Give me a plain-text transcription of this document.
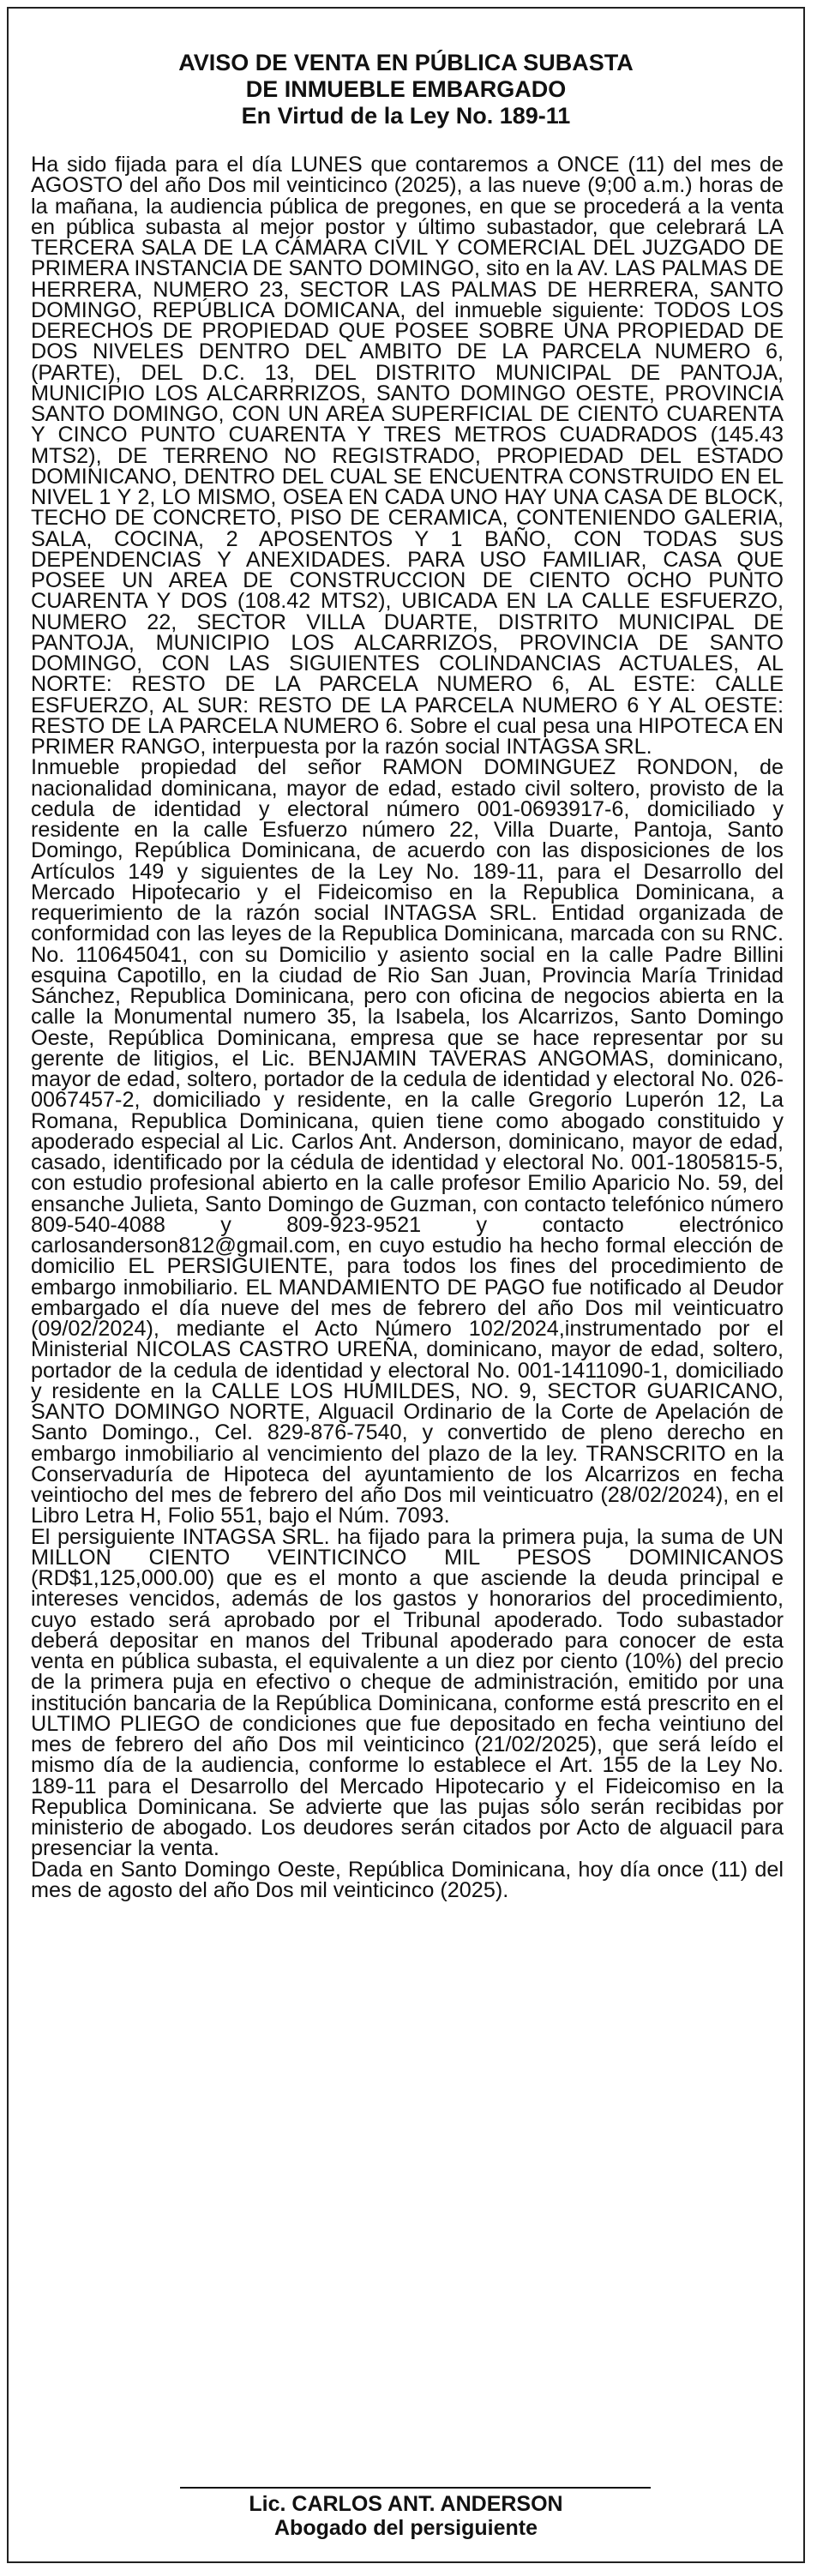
AVISO DE VENTA EN PÚBLICA SUBASTA
DE INMUEBLE EMBARGADO
En Virtud de la Ley No. 189-11

Ha sido fijada para el día LUNES que contaremos a ONCE (11) del mes de AGOSTO del año Dos mil veinticinco (2025), a las nueve (9;00 a.m.) horas de la mañana, la audiencia pública de pregones, en que se procederá a la venta en pública subasta al mejor postor y último subastador, que celebrará LA TERCERA SALA DE LA CÁMARA CIVIL Y COMERCIAL DEL JUZGADO DE PRIMERA INSTANCIA DE SANTO DOMINGO, sito en la AV. LAS PALMAS DE HERRERA, NUMERO 23, SECTOR LAS PALMAS DE HERRERA, SANTO DOMINGO, REPÚBLICA DOMICANA, del inmueble siguiente: TODOS LOS DERECHOS DE PROPIEDAD QUE POSEE SOBRE UNA PROPIEDAD DE DOS NIVELES DENTRO DEL AMBITO DE LA PARCELA NUMERO 6, (PARTE), DEL D.C. 13, DEL DISTRITO MUNICIPAL DE PANTOJA, MUNICIPIO LOS ALCARRRIZOS, SANTO DOMINGO OESTE, PROVINCIA SANTO DOMINGO, CON UN AREA SUPERFICIAL DE CIENTO CUARENTA Y CINCO PUNTO CUARENTA Y TRES METROS CUADRADOS (145.43 MTS2), DE TERRENO NO REGISTRADO, PROPIEDAD DEL ESTADO DOMINICANO, DENTRO DEL CUAL SE ENCUENTRA CONSTRUIDO EN EL NIVEL 1 Y 2, LO MISMO, OSEA EN CADA UNO HAY UNA CASA DE BLOCK, TECHO DE CONCRETO, PISO DE CERAMICA, CONTENIENDO GALERIA, SALA, COCINA, 2 APOSENTOS Y 1 BAÑO, CON TODAS SUS DEPENDENCIAS Y ANEXIDADES. PARA USO FAMILIAR, CASA QUE POSEE UN AREA DE CONSTRUCCION DE CIENTO OCHO PUNTO CUARENTA Y DOS (108.42 MTS2), UBICADA EN LA CALLE ESFUERZO, NUMERO 22, SECTOR VILLA DUARTE, DISTRITO MUNICIPAL DE PANTOJA, MUNICIPIO LOS ALCARRIZOS, PROVINCIA DE SANTO DOMINGO, CON LAS SIGUIENTES COLINDANCIAS ACTUALES, AL NORTE: RESTO DE LA PARCELA NUMERO 6, AL ESTE: CALLE ESFUERZO, AL SUR: RESTO DE LA PARCELA NUMERO 6 Y AL OESTE: RESTO DE LA PARCELA NUMERO 6. Sobre el cual pesa una HIPOTECA EN PRIMER RANGO, interpuesta por la razón social INTAGSA SRL.

Inmueble propiedad del señor RAMON DOMINGUEZ RONDON, de nacionalidad dominicana, mayor de edad, estado civil soltero, provisto de la cedula de identidad y electoral número 001-0693917-6, domiciliado y residente en la calle Esfuerzo número 22, Villa Duarte, Pantoja, Santo Domingo, República Dominicana, de acuerdo con las disposiciones de los Artículos 149 y siguientes de la Ley No. 189-11, para el Desarrollo del Mercado Hipotecario y el Fideicomiso en la Republica Dominicana, a requerimiento de la razón social INTAGSA SRL. Entidad organizada de conformidad con las leyes de la Republica Dominicana, marcada con su RNC. No. 110645041, con su Domicilio y asiento social en la calle Padre Billini esquina Capotillo, en la ciudad de Rio San Juan, Provincia María Trinidad Sánchez, Republica Dominicana, pero con oficina de negocios abierta en la calle la Monumental numero 35, la Isabela, los Alcarrizos, Santo Domingo Oeste, República Dominicana, empresa que se hace representar por su gerente de litigios, el Lic. BENJAMIN TAVERAS ANGOMAS, dominicano, mayor de edad, soltero, portador de la cedula de identidad y electoral No. 026-0067457-2, domiciliado y residente, en la calle Gregorio Luperón 12, La Romana, Republica Dominicana, quien tiene como abogado constituido y apoderado especial al Lic. Carlos Ant. Anderson, dominicano, mayor de edad, casado, identificado por la cédula de identidad y electoral No. 001-1805815-5, con estudio profesional abierto en la calle profesor Emilio Aparicio No. 59, del ensanche Julieta, Santo Domingo de Guzman, con contacto telefónico número 809-540-4088 y 809-923-9521 y contacto electrónico carlosanderson812@gmail.com, en cuyo estudio ha hecho formal elección de domicilio EL PERSIGUIENTE, para todos los fines del procedimiento de embargo inmobiliario. EL MANDAMIENTO DE PAGO fue notificado al Deudor embargado el día nueve del mes de febrero del año Dos mil veinticuatro (09/02/2024), mediante el Acto Número 102/2024,instrumentado por el Ministerial NICOLAS CASTRO UREÑA, dominicano, mayor de edad, soltero, portador de la cedula de identidad y electoral No. 001-1411090-1, domiciliado y residente en la CALLE LOS HUMILDES, NO. 9, SECTOR GUARICANO, SANTO DOMINGO NORTE, Alguacil Ordinario de la Corte de Apelación de Santo Domingo., Cel. 829-876-7540, y convertido de pleno derecho en embargo inmobiliario al vencimiento del plazo de la ley. TRANSCRITO en la Conservaduría de Hipoteca del ayuntamiento de los Alcarrizos en fecha veintiocho del mes de febrero del año Dos mil veinticuatro (28/02/2024), en el Libro Letra H, Folio 551, bajo el Núm. 7093.

El persiguiente INTAGSA SRL. ha fijado para la primera puja, la suma de UN MILLON CIENTO VEINTICINCO MIL PESOS DOMINICANOS (RD$1,125,000.00) que es el monto a que asciende la deuda principal e intereses vencidos, además de los gastos y honorarios del procedimiento, cuyo estado será aprobado por el Tribunal apoderado. Todo subastador deberá depositar en manos del Tribunal apoderado para conocer de esta venta en pública subasta, el equivalente a un diez por ciento (10%) del precio de la primera puja en efectivo o cheque de administración, emitido por una institución bancaria de la República Dominicana, conforme está prescrito en el ULTIMO PLIEGO de condiciones que fue depositado en fecha veintiuno del mes de febrero del año Dos mil veinticinco (21/02/2025), que será leído el mismo día de la audiencia, conforme lo establece el Art. 155 de la Ley No. 189-11 para el Desarrollo del Mercado Hipotecario y el Fideicomiso en la Republica Dominicana. Se advierte que las pujas sólo serán recibidas por ministerio de abogado. Los deudores serán citados por Acto de alguacil para presenciar la venta.

Dada en Santo Domingo Oeste, República Dominicana, hoy día once (11) del mes de agosto del año Dos mil veinticinco (2025).

Lic. CARLOS ANT. ANDERSON
Abogado del persiguiente
